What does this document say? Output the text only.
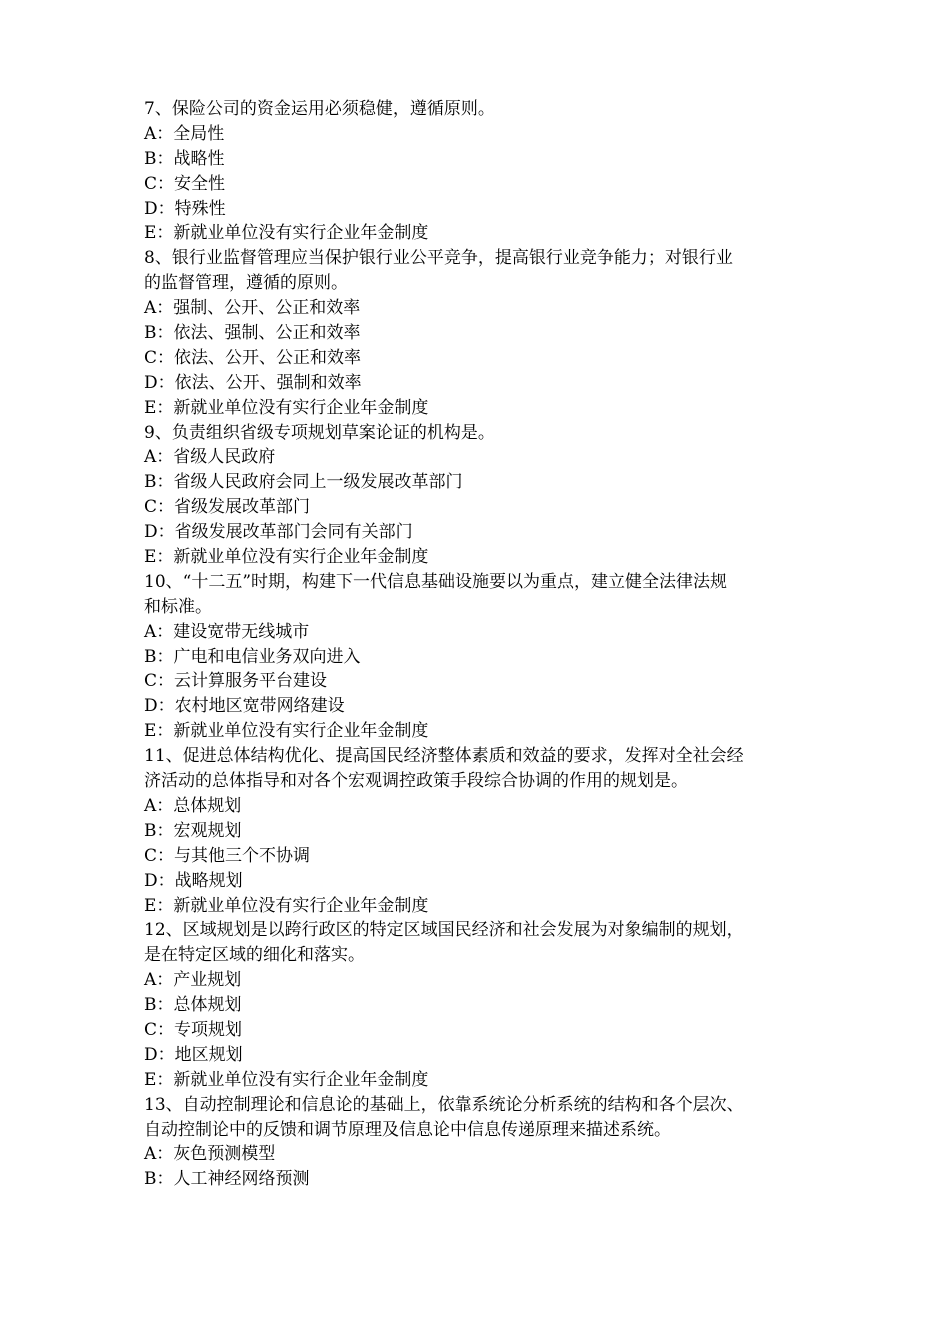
7、保险公司的资金运用必须稳健，遵循原则。
A：全局性
B：战略性
C：安全性
D：特殊性
E：新就业单位没有实行企业年金制度
8、银行业监督管理应当保护银行业公平竞争，提高银行业竞争能力；对银行业
的监督管理，遵循的原则。
A：强制、公开、公正和效率
B：依法、强制、公正和效率
C：依法、公开、公正和效率
D：依法、公开、强制和效率
E：新就业单位没有实行企业年金制度
9、负责组织省级专项规划草案论证的机构是。
A：省级人民政府
B：省级人民政府会同上一级发展改革部门
C：省级发展改革部门
D：省级发展改革部门会同有关部门
E：新就业单位没有实行企业年金制度
10、“十二五”时期，构建下一代信息基础设施要以为重点，建立健全法律法规
和标准。
A：建设宽带无线城市
B：广电和电信业务双向进入
C：云计算服务平台建设
D：农村地区宽带网络建设
E：新就业单位没有实行企业年金制度
11、促进总体结构优化、提高国民经济整体素质和效益的要求，发挥对全社会经
济活动的总体指导和对各个宏观调控政策手段综合协调的作用的规划是。
A：总体规划
B：宏观规划
C：与其他三个不协调
D：战略规划
E：新就业单位没有实行企业年金制度
12、区域规划是以跨行政区的特定区域国民经济和社会发展为对象编制的规划，
是在特定区域的细化和落实。
A：产业规划
B：总体规划
C：专项规划
D：地区规划
E：新就业单位没有实行企业年金制度
13、自动控制理论和信息论的基础上，依靠系统论分析系统的结构和各个层次、
自动控制论中的反馈和调节原理及信息论中信息传递原理来描述系统。
A：灰色预测模型
B：人工神经网络预测
